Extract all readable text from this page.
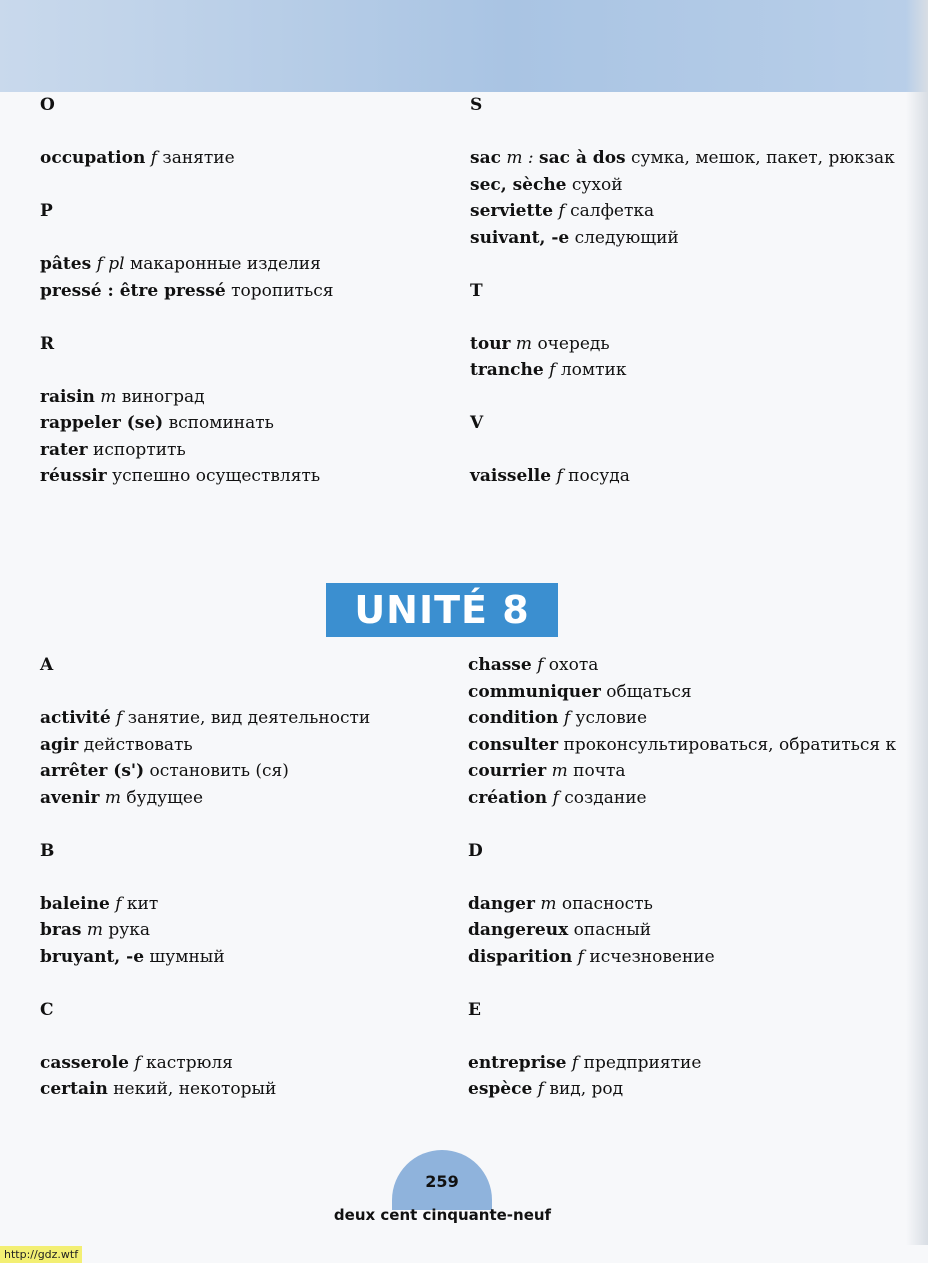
O
occupation f занятие
P
pâtes f pl макаронные изделия
pressé : être pressé торопиться
R
raisin m виноград
rappeler (se) вспоминать
rater испортить
réussir успешно осуществлять
S
sac m : sac à dos сумка, мешок, пакет, рюкзак
sec, sèche сухой
serviette f салфетка
suivant, -e следующий
T
tour m очередь
tranche f ломтик
V
vaisselle f посуда
UNITÉ 8
A
activité f занятие, вид деятельности
agir действовать
arrêter (s') остановить (ся)
avenir m будущее
B
baleine f кит
bras m рука
bruyant, -e шумный
C
casserole f кастрюля
certain некий, некоторый
chasse f охота
communiquer общаться
condition f условие
consulter проконсультироваться, обратиться к
courrier m почта
création f создание
D
danger m опасность
dangereux опасный
disparition f исчезновение
E
entreprise f предприятие
espèce f вид, род
259
deux cent cinquante-neuf
http://gdz.wtf
